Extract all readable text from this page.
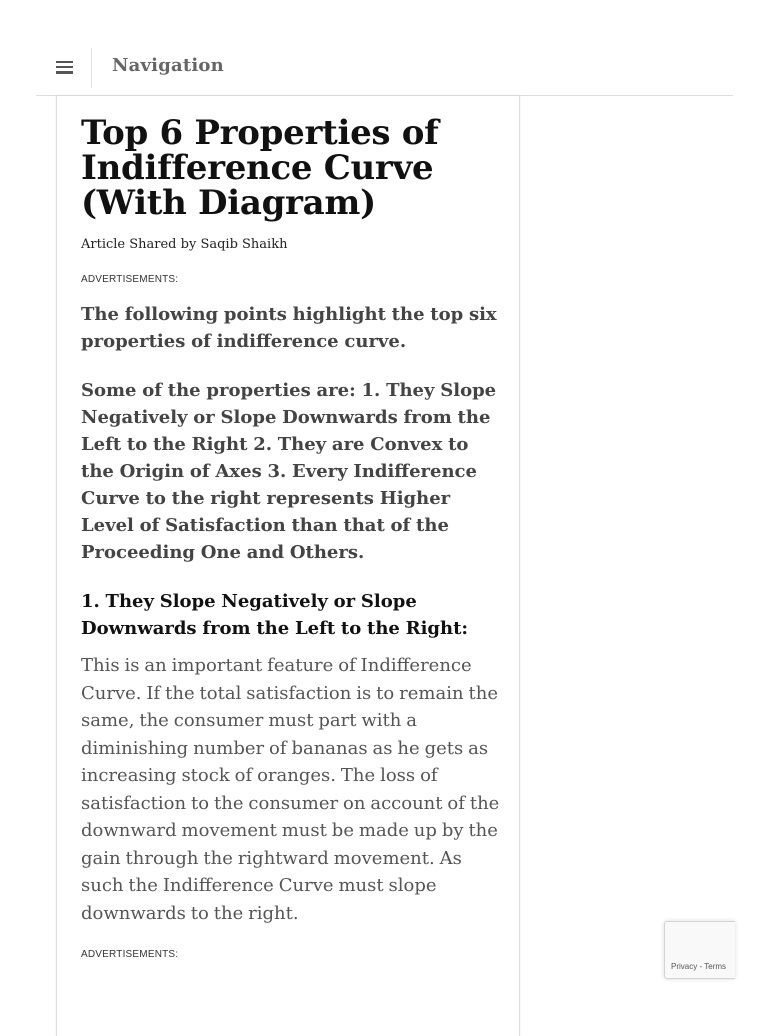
Navigation
Top 6 Properties of Indifference Curve (With Diagram)
Article Shared by Saqib Shaikh
ADVERTISEMENTS:
The following points highlight the top six properties of indifference curve.
Some of the properties are: 1. They Slope Negatively or Slope Downwards from the Left to the Right 2. They are Convex to the Origin of Axes 3. Every Indifference Curve to the right represents Higher Level of Satisfaction than that of the Proceeding One and Others.
1. They Slope Negatively or Slope Downwards from the Left to the Right:
This is an important feature of Indifference Curve. If the total satisfaction is to remain the same, the consumer must part with a diminishing number of bananas as he gets as increasing stock of oranges. The loss of satisfaction to the consumer on account of the downward movement must be made up by the gain through the rightward movement. As such the Indifference Curve must slope downwards to the right.
ADVERTISEMENTS:
Privacy - Terms
